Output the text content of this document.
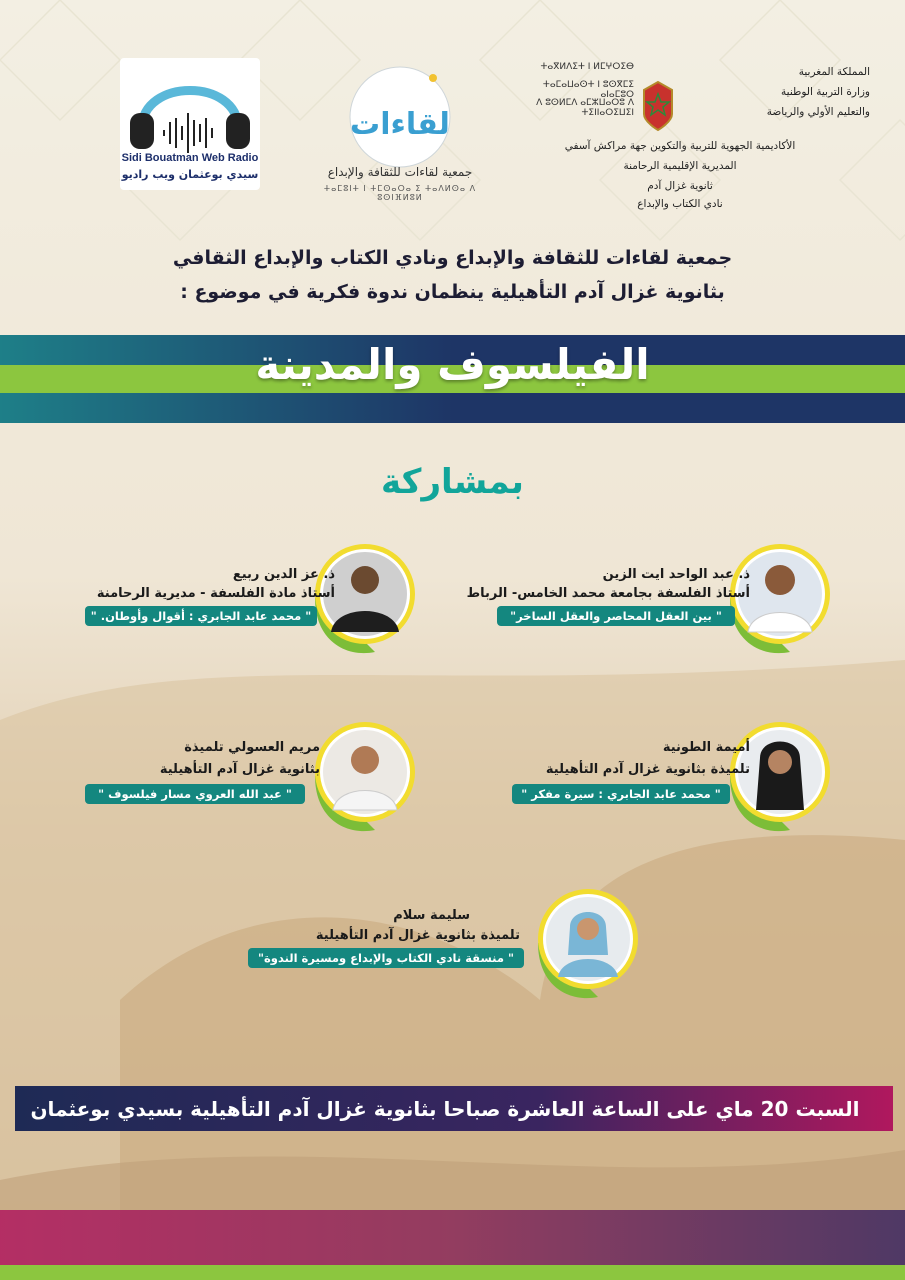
Sidi Bouatman Web Radio
سيدي بوعثمان ويب راديو
لقاءات
جمعية لقاءات للثقافة والإبداع
ⵜⴰⵎⵓⵏⵜ ⵏ ⵜⵎⵙⴰⵔⴰ ⵉ ⵜⴰⴷⵍⵙⴰ ⴷ ⵓⵙⵏⴼⵍⵓⵍ
ⵜⴰⴳⵍⴷⵉⵜ ⵏ ⵍⵎⵖⵔⵉⴱ
ⵜⴰⵎⴰⵡⴰⵙⵜ ⵏ ⵓⵙⴳⵎⵉ ⴰⵏⴰⵎⵓⵔ
ⴷ ⵓⵙⵍⵎⴷ ⴰⵎⵣⵡⴰⵔⵓ ⴷ ⵜⵉⵏⵏⴰⵔⵉⵡⵉⵏ
المملكة المغربية
وزارة التربية الوطنية
والتعليم الأولي والرياضة
الأكاديمية الجهوية للتربية والتكوين جهة مراكش آسفي
المديرية الإقليمية الرحامنة
ثانوية غزال آدم
نادي الكتاب والإبداع
جمعية لقاءات للثقافة والإبداع ونادي الكتاب والإبداع الثقافي
بثانوية غزال آدم التأهيلية ينظمان ندوة فكرية في موضوع :
الفيلسوف والمدينة
بمشاركة
ذ. عبد الواحد ايت الزين
أستاذ الفلسفة بجامعة محمد الخامس- الرباط
" بين العقل المحاصر والعقل الساخر"
ذ. عز الدين ربيع
أستاذ مادة الفلسفة - مديرية الرحامنة
" محمد عابد الجابري : أقوال وأوطان. "
أميمة الطونية
تلميذة بثانوية غزال آدم التأهيلية
" محمد عابد الجابري : سيرة مفكر "
مريم العسولي تلميذة
بثانوية غزال آدم التأهيلية
" عبد الله العروي مسار فيلسوف "
سليمة سلام
تلميذة بثانوية غزال آدم التأهيلية
" منسقة نادي الكتاب والإبداع ومسيرة الندوة"
السبت 20 ماي على الساعة العاشرة صباحا بثانوية غزال آدم التأهيلية بسيدي بوعثمان
